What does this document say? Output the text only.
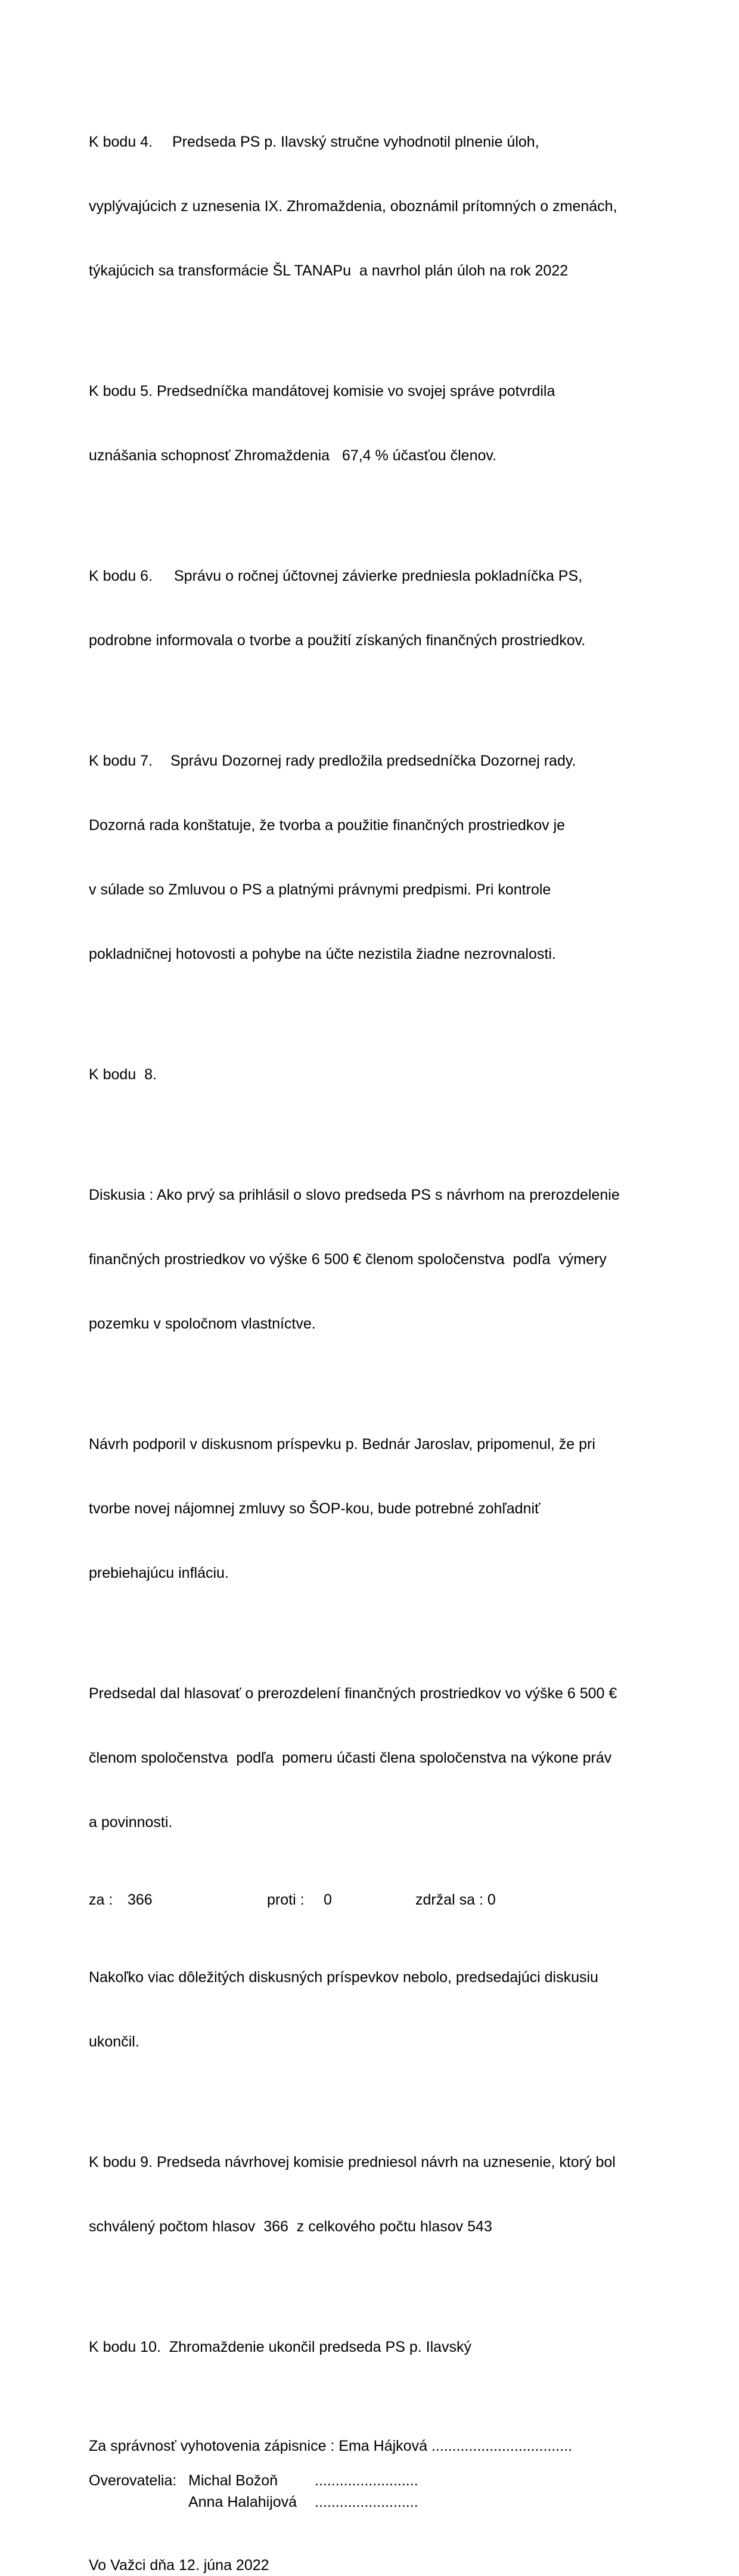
K bodu 4. Predseda PS p. Ilavský stručne vyhodnotil plnenie úloh,

vyplývajúcich z uznesenia IX. Zhromaždenia, oboznámil prítomných o zmenách,

týkajúcich sa transformácie ŠL TANAPu  a navrhol plán úloh na rok 2022

K bodu 5. Predsedníčka mandátovej komisie vo svojej správe potvrdila

uznášania schopnosť Zhromaždenia   67,4 % účasťou členov.

K bodu 6. Správu o ročnej účtovnej závierke predniesla pokladníčka PS,

podrobne informovala o tvorbe a použití získaných finančných prostriedkov.

K bodu 7. Správu Dozornej rady predložila predsedníčka Dozornej rady.

Dozorná rada konštatuje, že tvorba a použitie finančných prostriedkov je

v súlade so Zmluvou o PS a platnými právnymi predpismi. Pri kontrole

pokladničnej hotovosti a pohybe na účte nezistila žiadne nezrovnalosti.

K bodu  8.

Diskusia : Ako prvý sa prihlásil o slovo predseda PS s návrhom na prerozdelenie

finančných prostriedkov vo výške 6 500 € členom spoločenstva  podľa  výmery

pozemku v spoločnom vlastníctve.

Návrh podporil v diskusnom príspevku p. Bednár Jaroslav, pripomenul, že pri

tvorbe novej nájomnej zmluvy so ŠOP-kou, bude potrebné zohľadniť

prebiehajúcu infláciu.

Predsedal dal hlasovať o prerozdelení finančných prostriedkov vo výške 6 500 €

členom spoločenstva  podľa  pomeru účasti člena spoločenstva na výkone práv

a povinnosti.

za : 366	proti : 0	zdržal sa : 0

Nakoľko viac dôležitých diskusných príspevkov nebolo, predsedajúci diskusiu

ukončil.

K bodu 9. Predseda návrhovej komisie predniesol návrh na uznesenie, ktorý bol

schválený počtom hlasov  366  z celkového počtu hlasov 543

K bodu 10.  Zhromaždenie ukončil predseda PS p. Ilavský

Za správnosť vyhotovenia zápisnice : Ema Hájková ..................................
Overovatelia: Michal Božoň .........................
Anna Halahijová .........................
Vo Važci dňa 12. júna 2022
